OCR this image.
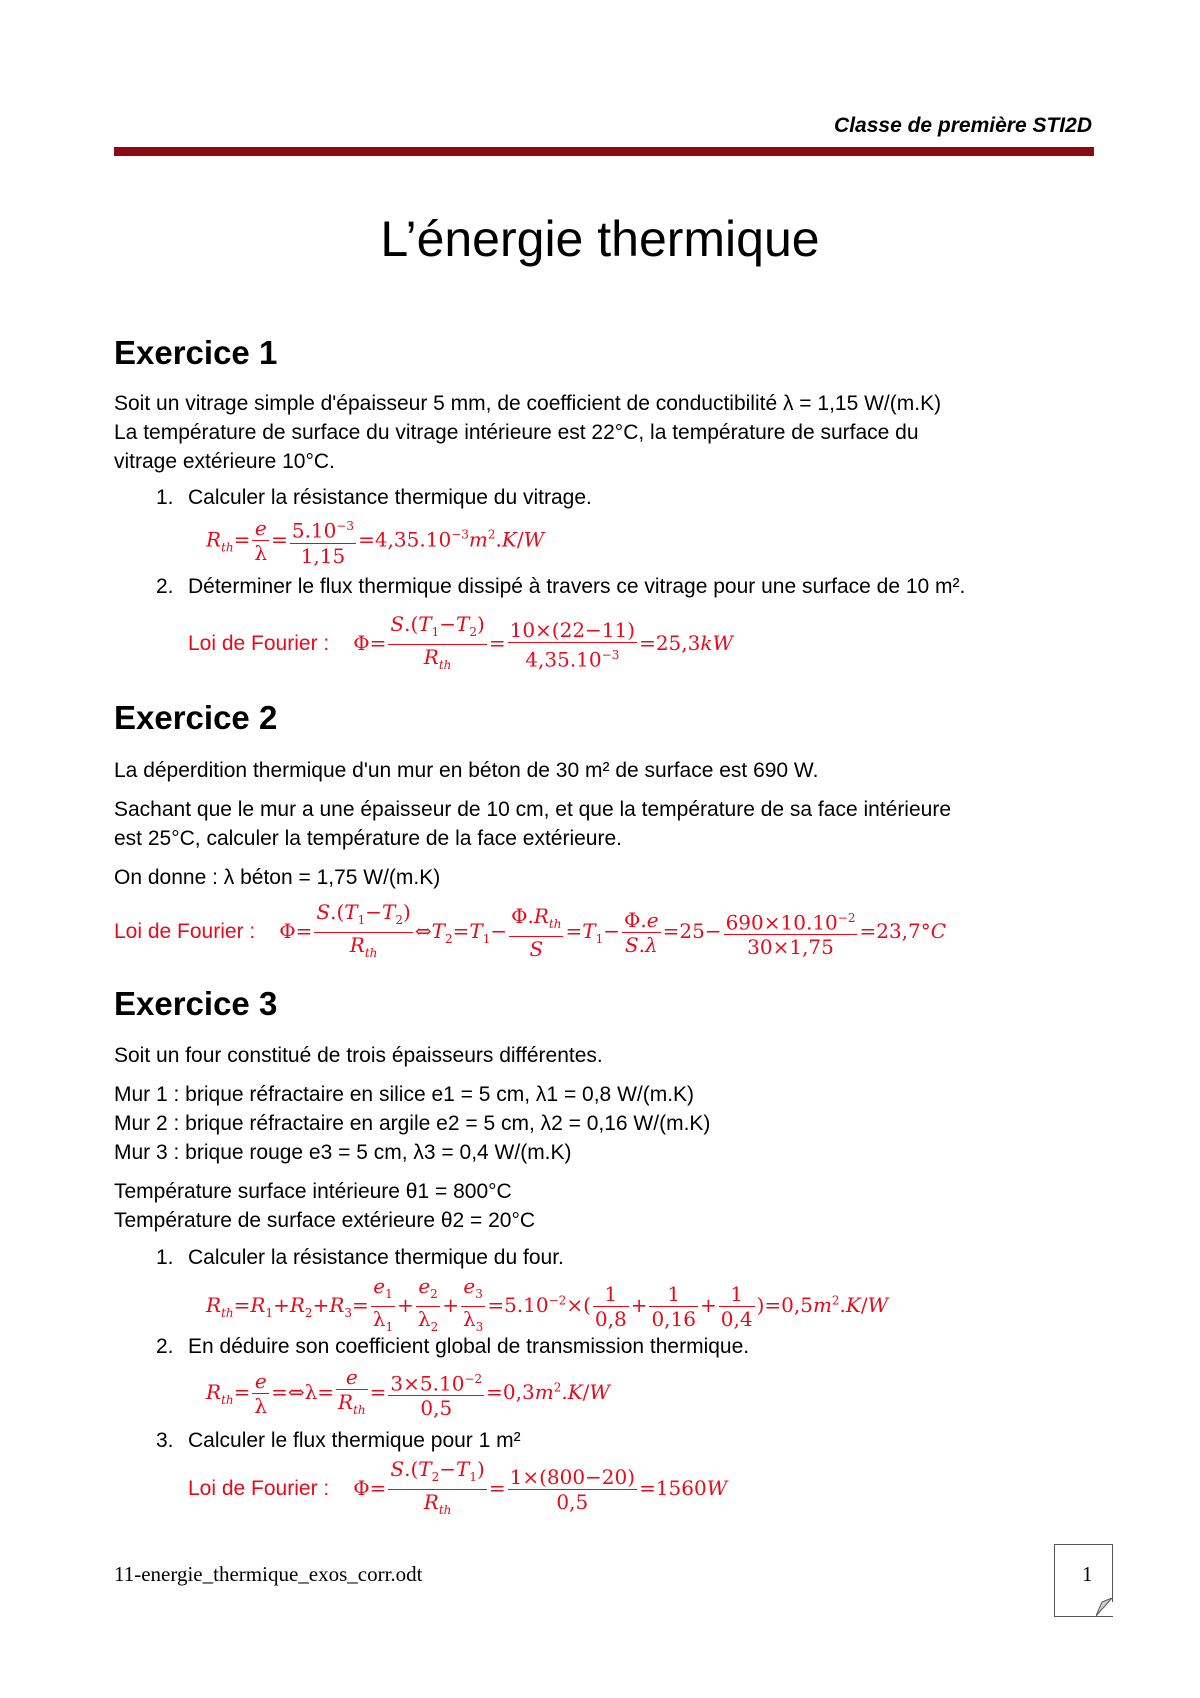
Classe de première STI2D
L’énergie thermique
Exercice 1
Soit un vitrage simple d'épaisseur 5 mm, de coefficient de conductibilité λ = 1,15 W/(m.K)
La température de surface du vitrage intérieure est 22°C, la température de surface du
vitrage extérieure 10°C.
1. Calculer la résistance thermique du vitrage.
$R_{th}= \frac{e}{\lambda} = \frac{5.10^{-3}}{1,15} =4,35.10^{-3}m^2.K/W$
2. Déterminer le flux thermique dissipé à travers ce vitrage pour une surface de 10 m².
Loi de Fourier : Φ=
$S.(T_1-T_2)$
$R_{th}$
= $\frac{10\times(22-11)}{4,35.10^{-3}} =25,3kW$
Exercice 2
La déperdition thermique d'un mur en béton de 30 m² de surface est 690 W.
Sachant que le mur a une épaisseur de 10 cm, et que la température de sa face intérieure
est 25°C, calculer la température de la face extérieure.
On donne : λ béton = 1,75 W/(m.K)
Loi de Fourier : Φ=
$S.(T_1-T_2)$
$R_{th}$
$\Leftrightarrow T_2=T_1-$
$\Phi.R_{th}$
S
$=T_1- \frac{\Phi.e}{S.\lambda} =25- \frac{690\times 10.10^{-2}}{30\times 1,75} =23,7^\circ C$
Exercice 3
Soit un four constitué de trois épaisseurs différentes.
Mur 1 : brique réfractaire en silice e1 = 5 cm, λ1 = 0,8 W/(m.K)
Mur 2 : brique réfractaire en argile e2 = 5 cm, λ2 = 0,16 W/(m.K)
Mur 3 : brique rouge e3 = 5 cm, λ3 = 0,4 W/(m.K)
Température surface intérieure θ1 = 800°C
Température de surface extérieure θ2 = 20°C
1. Calculer la résistance thermique du four.
$R_{th}=R_1+R_2+R_3= \frac{e_1}{\lambda_1} + \frac{e_2}{\lambda_2} + \frac{e_3}{\lambda_3} =5.10^{-2}\times( \frac{1}{0,8} + \frac{1}{0,16} + \frac{1}{0,4} )=0,5m^2.K/W$
2. En déduire son coefficient global de transmission thermique.
$R_{th}= \frac{e}{\lambda}$ =⇔λ=
e
$R_{th}$
= $\frac{3\times 5.10^{-2}}{0,5} =0,3m^2.K/W$
3. Calculer le flux thermique pour 1 m²
Loi de Fourier : Φ=
$S.(T_2-T_1)$
$R_{th}$
= $\frac{1\times(800-20)}{0,5} =1560W$
11-energie_thermique_exos_corr.odt	1
